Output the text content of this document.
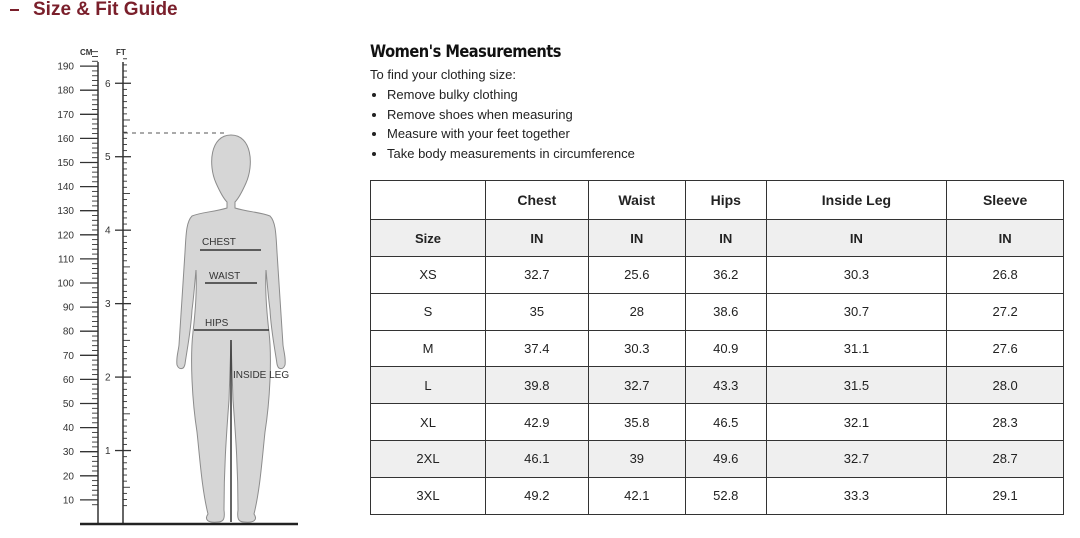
Size & Fit Guide
CM	FT
190
180
170
160
150
140
130
120
110
100
90
80
70
60
50
40
30
20
10
6
5
4
3
2
1
CHEST
WAIST
HIPS
INSIDE LEG
Women's Measurements
To find your clothing size:
• Remove bulky clothing
• Remove shoes when measuring
• Measure with your feet together
• Take body measurements in circumference
	Chest	Waist	Hips	Inside Leg	Sleeve
Size	IN	IN	IN	IN	IN
XS	32.7	25.6	36.2	30.3	26.8
S	35	28	38.6	30.7	27.2
M	37.4	30.3	40.9	31.1	27.6
L	39.8	32.7	43.3	31.5	28.0
XL	42.9	35.8	46.5	32.1	28.3
2XL	46.1	39	49.6	32.7	28.7
3XL	49.2	42.1	52.8	33.3	29.1
